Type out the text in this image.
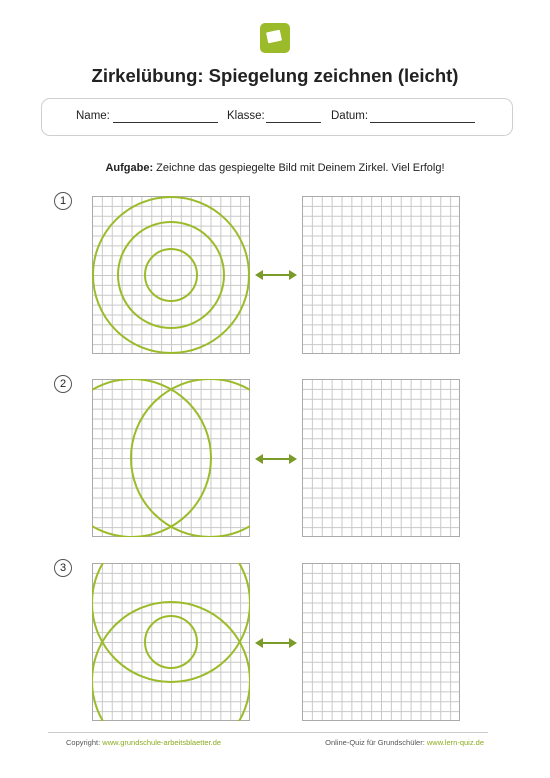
Zirkelübung: Spiegelung zeichnen (leicht)
Name:	Klasse:	Datum:
Aufgabe: Zeichne das gespiegelte Bild mit Deinem Zirkel. Viel Erfolg!
1
2
3
Copyright: www.grundschule-arbeitsblaetter.de	Online-Quiz für Grundschüler: www.lern-quiz.de
